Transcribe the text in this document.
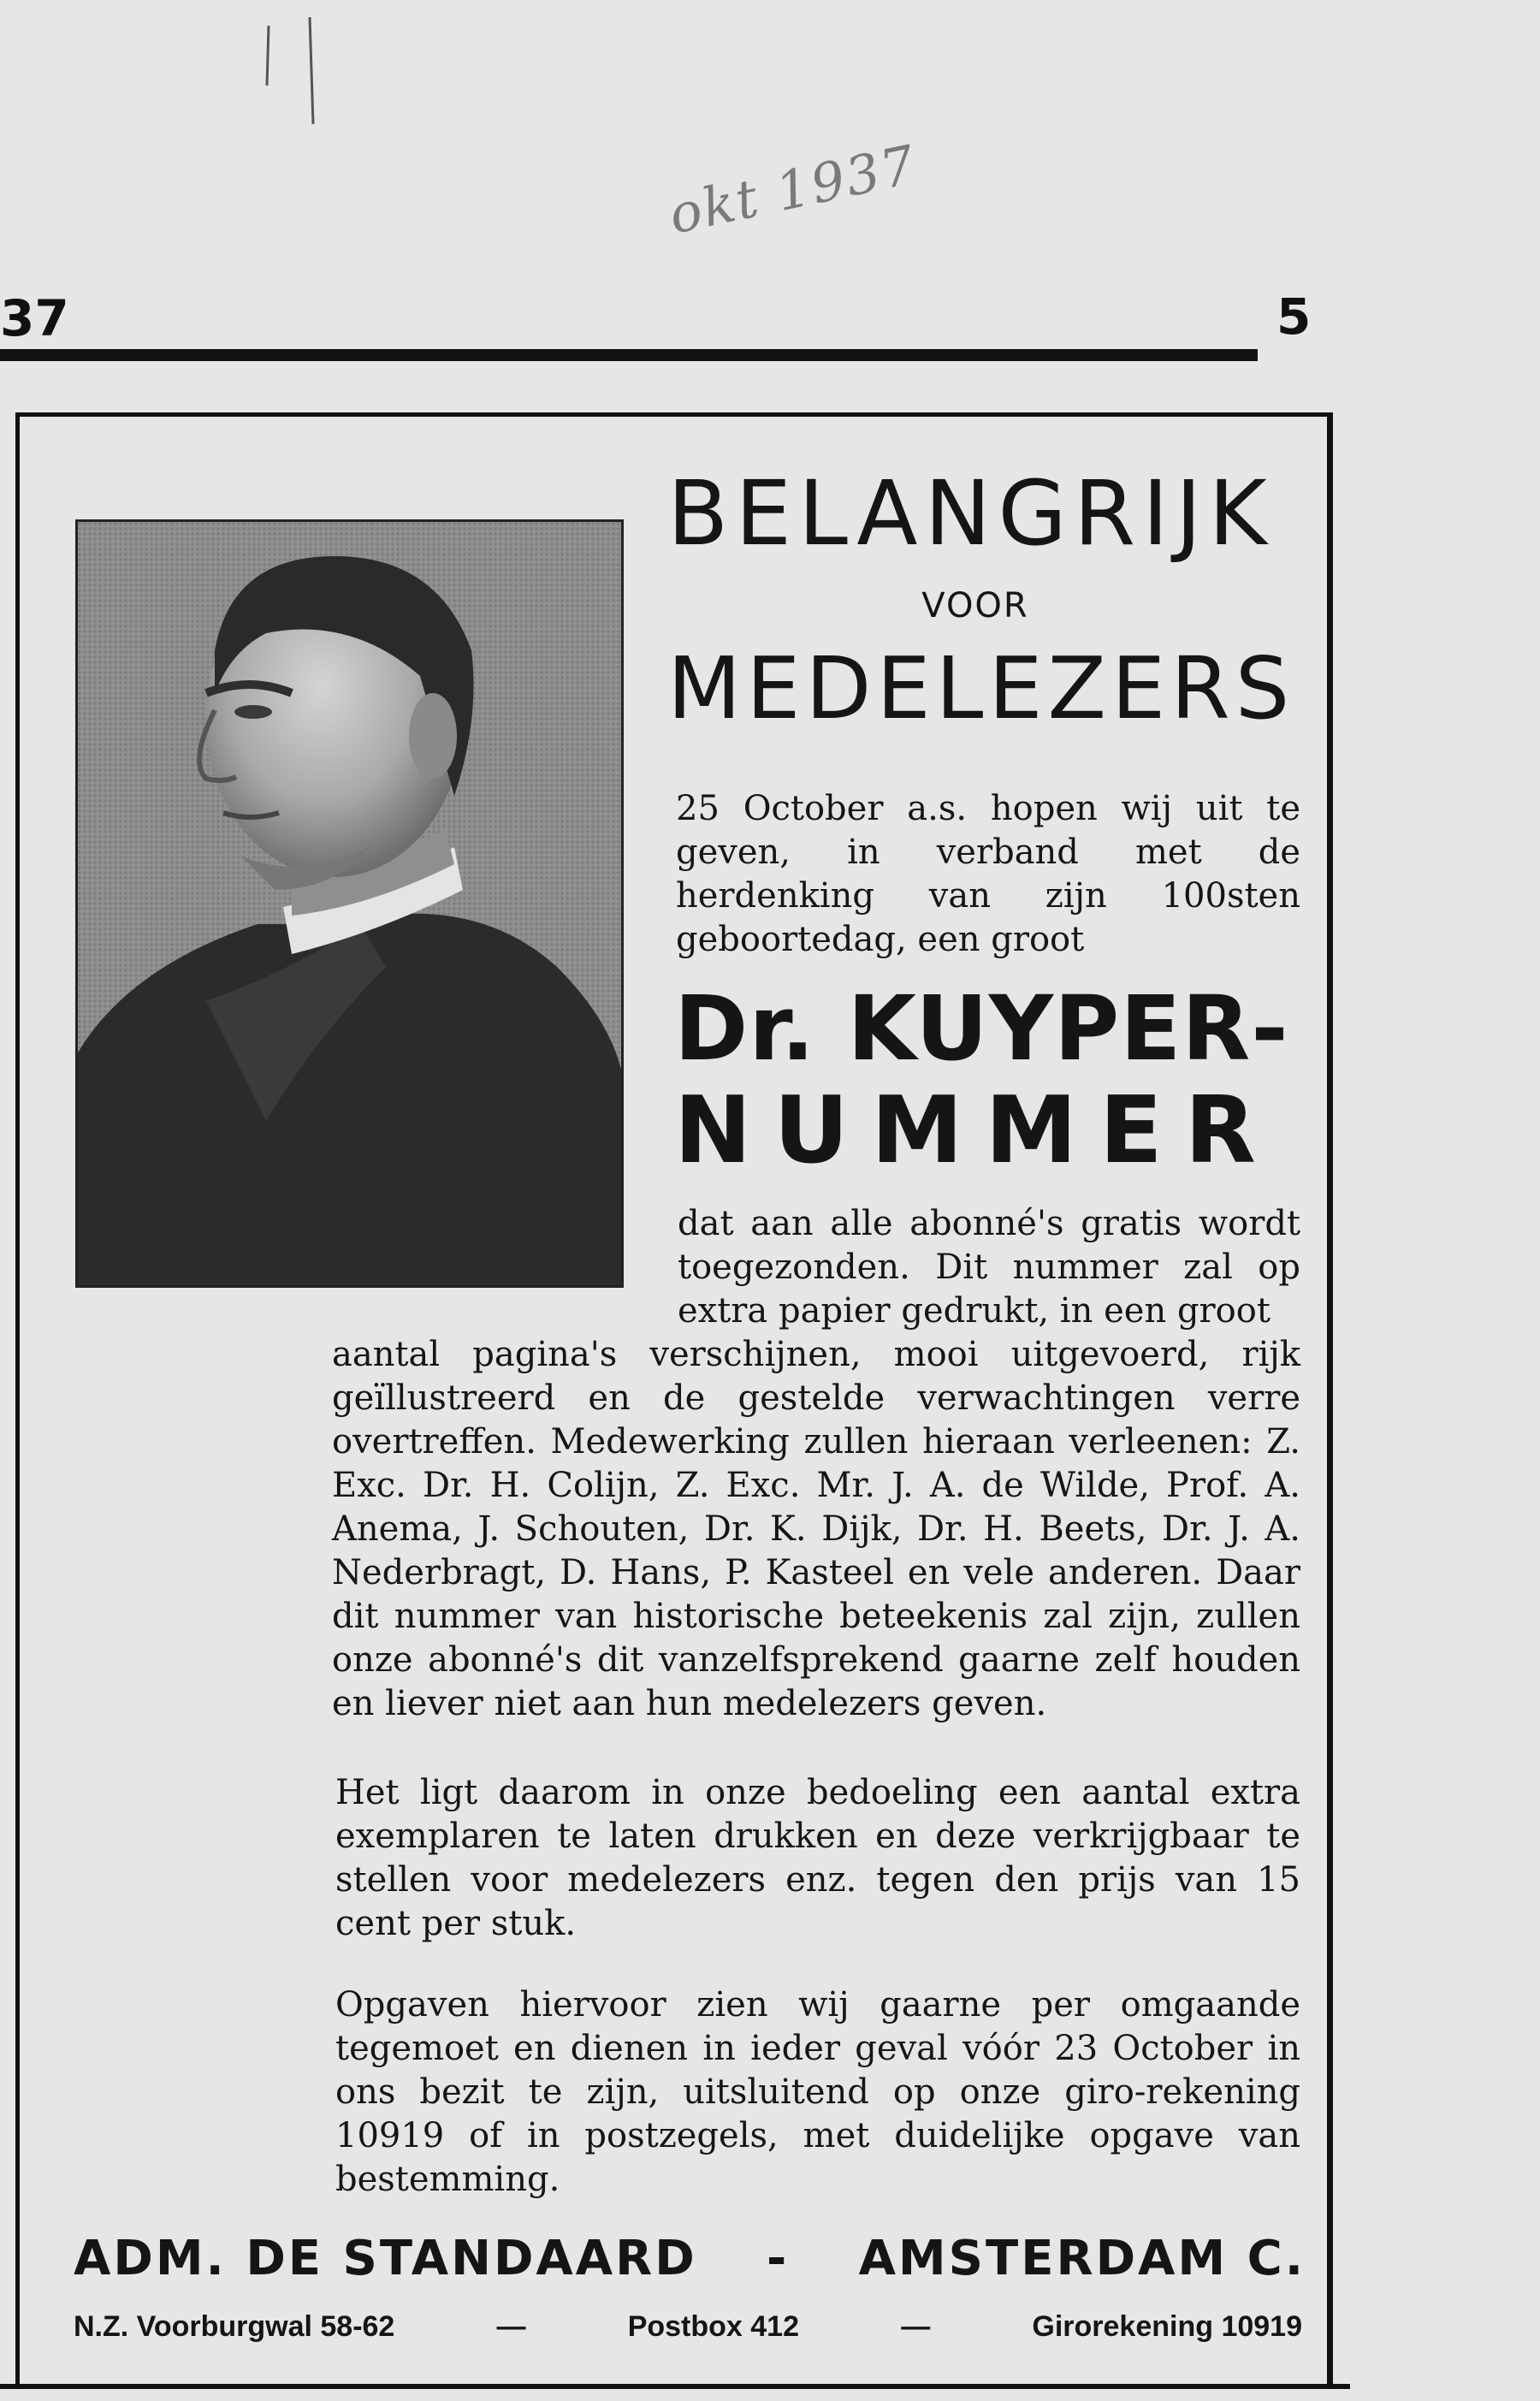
okt 1937
37	5
BELANGRIJK
VOOR
MEDELEZERS

25 October a.s. hopen wij uit te geven, in verband met de herdenking van zijn 100sten geboortedag, een groot

Dr. KUYPER-
NUMMER

dat aan alle abonné's gratis wordt toegezonden. Dit nummer zal op extra papier gedrukt, in een groot

aantal pagina's verschijnen, mooi uitgevoerd, rijk geïllustreerd en de gestelde verwachtingen verre overtreffen. Medewerking zullen hieraan verleenen: Z. Exc. Dr. H. Colijn, Z. Exc. Mr. J. A. de Wilde, Prof. A. Anema, J. Schouten, Dr. K. Dijk, Dr. H. Beets, Dr. J. A. Nederbragt, D. Hans, P. Kasteel en vele anderen. Daar dit nummer van historische beteekenis zal zijn, zullen onze abonné's dit vanzelfsprekend gaarne zelf houden en liever niet aan hun medelezers geven.

Het ligt daarom in onze bedoeling een aantal extra exemplaren te laten drukken en deze verkrijgbaar te stellen voor medelezers enz. tegen den prijs van 15 cent per stuk.

Opgaven hiervoor zien wij gaarne per omgaande tegemoet en dienen in ieder geval vóór 23 October in ons bezit te zijn, uitsluitend op onze giro-rekening 10919 of in postzegels, met duidelijke opgave van bestemming.

ADM. DE STANDAARD - AMSTERDAM C.
N.Z. Voorburgwal 58-62	—	Postbox 412	—	Girorekening 10919
